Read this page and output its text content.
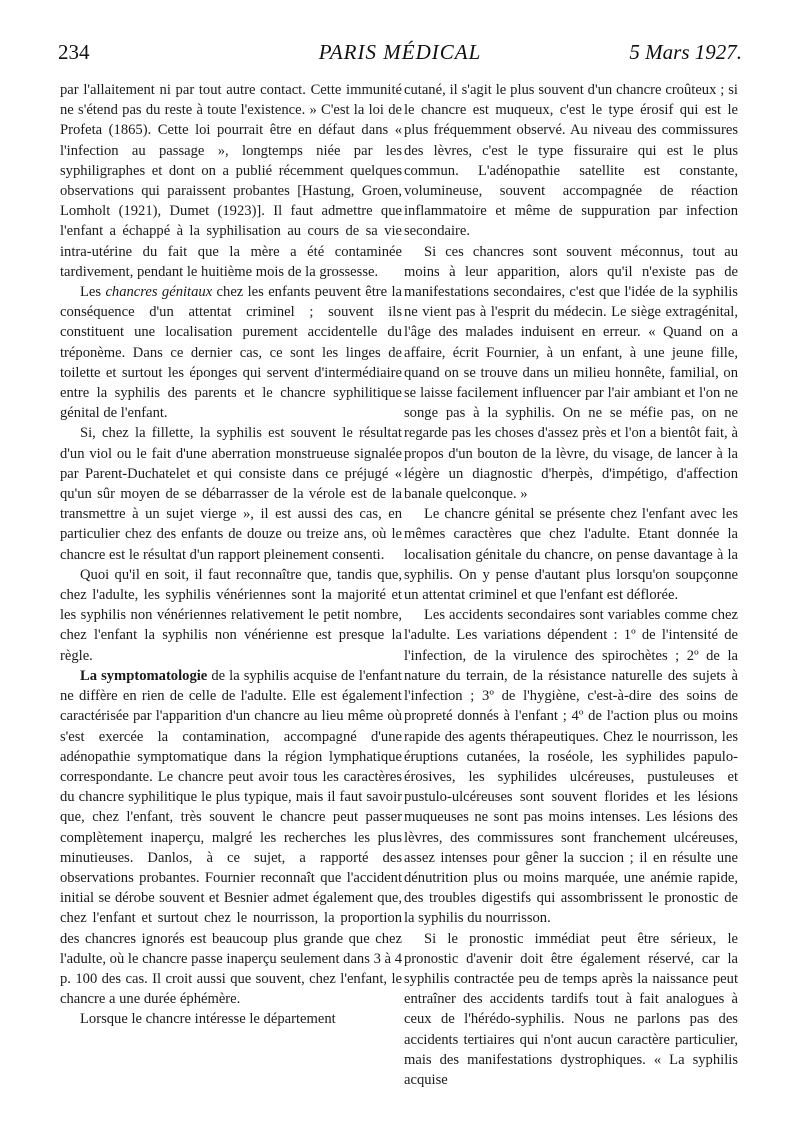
234	PARIS MÉDICAL	5 Mars 1927.

par l'allaitement ni par tout autre contact. Cette immunité ne s'étend pas du reste à toute l'existence. » C'est la loi de Profeta (1865). Cette loi pourrait être en défaut dans « l'infection au passage », longtemps niée par les syphiligraphes et dont on a publié récemment quelques observations qui paraissent probantes [Hastung, Groen, Lomholt (1921), Dumet (1923)]. Il faut admettre que l'enfant a échappé à la syphilisation au cours de sa vie intra-utérine du fait que la mère a été contaminée tardivement, pendant le huitième mois de la grossesse.

Les chancres génitaux chez les enfants peuvent être la conséquence d'un attentat criminel ; souvent ils constituent une localisation purement accidentelle du tréponème. Dans ce dernier cas, ce sont les linges de toilette et surtout les éponges qui servent d'intermédiaire entre la syphilis des parents et le chancre syphilitique génital de l'enfant.

Si, chez la fillette, la syphilis est souvent le résultat d'un viol ou le fait d'une aberration monstrueuse signalée par Parent-Duchatelet et qui consiste dans ce préjugé « qu'un sûr moyen de se débarrasser de la vérole est de la transmettre à un sujet vierge », il est aussi des cas, en particulier chez des enfants de douze ou treize ans, où le chancre est le résultat d'un rapport pleinement consenti.

Quoi qu'il en soit, il faut reconnaître que, tandis que, chez l'adulte, les syphilis vénériennes sont la majorité et les syphilis non vénériennes relativement le petit nombre, chez l'enfant la syphilis non vénérienne est presque la règle.

La symptomatologie de la syphilis acquise de l'enfant ne diffère en rien de celle de l'adulte. Elle est également caractérisée par l'apparition d'un chancre au lieu même où s'est exercée la contamination, accompagné d'une adénopathie symptomatique dans la région lymphatique correspondante. Le chancre peut avoir tous les caractères du chancre syphilitique le plus typique, mais il faut savoir que, chez l'enfant, très souvent le chancre peut passer complètement inaperçu, malgré les recherches les plus minutieuses. Danlos, à ce sujet, a rapporté des observations probantes. Fournier reconnaît que l'accident initial se dérobe souvent et Besnier admet également que, chez l'enfant et surtout chez le nourrisson, la proportion des chancres ignorés est beaucoup plus grande que chez l'adulte, où le chancre passe inaperçu seulement dans 3 à 4 p. 100 des cas. Il croit aussi que souvent, chez l'enfant, le chancre a une durée éphémère.

Lorsque le chancre intéresse le département

cutané, il s'agit le plus souvent d'un chancre croûteux ; si le chancre est muqueux, c'est le type érosif qui est le plus fréquemment observé. Au niveau des commissures des lèvres, c'est le type fissuraire qui est le plus commun. L'adénopathie satellite est constante, volumineuse, souvent accompagnée de réaction inflammatoire et même de suppuration par infection secondaire.

Si ces chancres sont souvent méconnus, tout au moins à leur apparition, alors qu'il n'existe pas de manifestations secondaires, c'est que l'idée de la syphilis ne vient pas à l'esprit du médecin. Le siège extragénital, l'âge des malades induisent en erreur. « Quand on a affaire, écrit Fournier, à un enfant, à une jeune fille, quand on se trouve dans un milieu honnête, familial, on se laisse facilement influencer par l'air ambiant et l'on ne songe pas à la syphilis. On ne se méfie pas, on ne regarde pas les choses d'assez près et l'on a bientôt fait, à propos d'un bouton de la lèvre, du visage, de lancer à la légère un diagnostic d'herpès, d'impétigo, d'affection banale quelconque. »

Le chancre génital se présente chez l'enfant avec les mêmes caractères que chez l'adulte. Etant donnée la localisation génitale du chancre, on pense davantage à la syphilis. On y pense d'autant plus lorsqu'on soupçonne un attentat criminel et que l'enfant est déflorée.

Les accidents secondaires sont variables comme chez l'adulte. Les variations dépendent : 1º de l'intensité de l'infection, de la virulence des spirochètes ; 2º de la nature du terrain, de la résistance naturelle des sujets à l'infection ; 3º de l'hygiène, c'est-à-dire des soins de propreté donnés à l'enfant ; 4º de l'action plus ou moins rapide des agents thérapeutiques. Chez le nourrisson, les éruptions cutanées, la roséole, les syphilides papulo-érosives, les syphilides ulcéreuses, pustuleuses et pustulo-ulcéreuses sont souvent florides et les lésions muqueuses ne sont pas moins intenses. Les lésions des lèvres, des commissures sont franchement ulcéreuses, assez intenses pour gêner la succion ; il en résulte une dénutrition plus ou moins marquée, une anémie rapide, des troubles digestifs qui assombrissent le pronostic de la syphilis du nourrisson.

Si le pronostic immédiat peut être sérieux, le pronostic d'avenir doit être également réservé, car la syphilis contractée peu de temps après la naissance peut entraîner des accidents tardifs tout à fait analogues à ceux de l'hérédo-syphilis. Nous ne parlons pas des accidents tertiaires qui n'ont aucun caractère particulier, mais des manifestations dystrophiques. « La syphilis acquise
